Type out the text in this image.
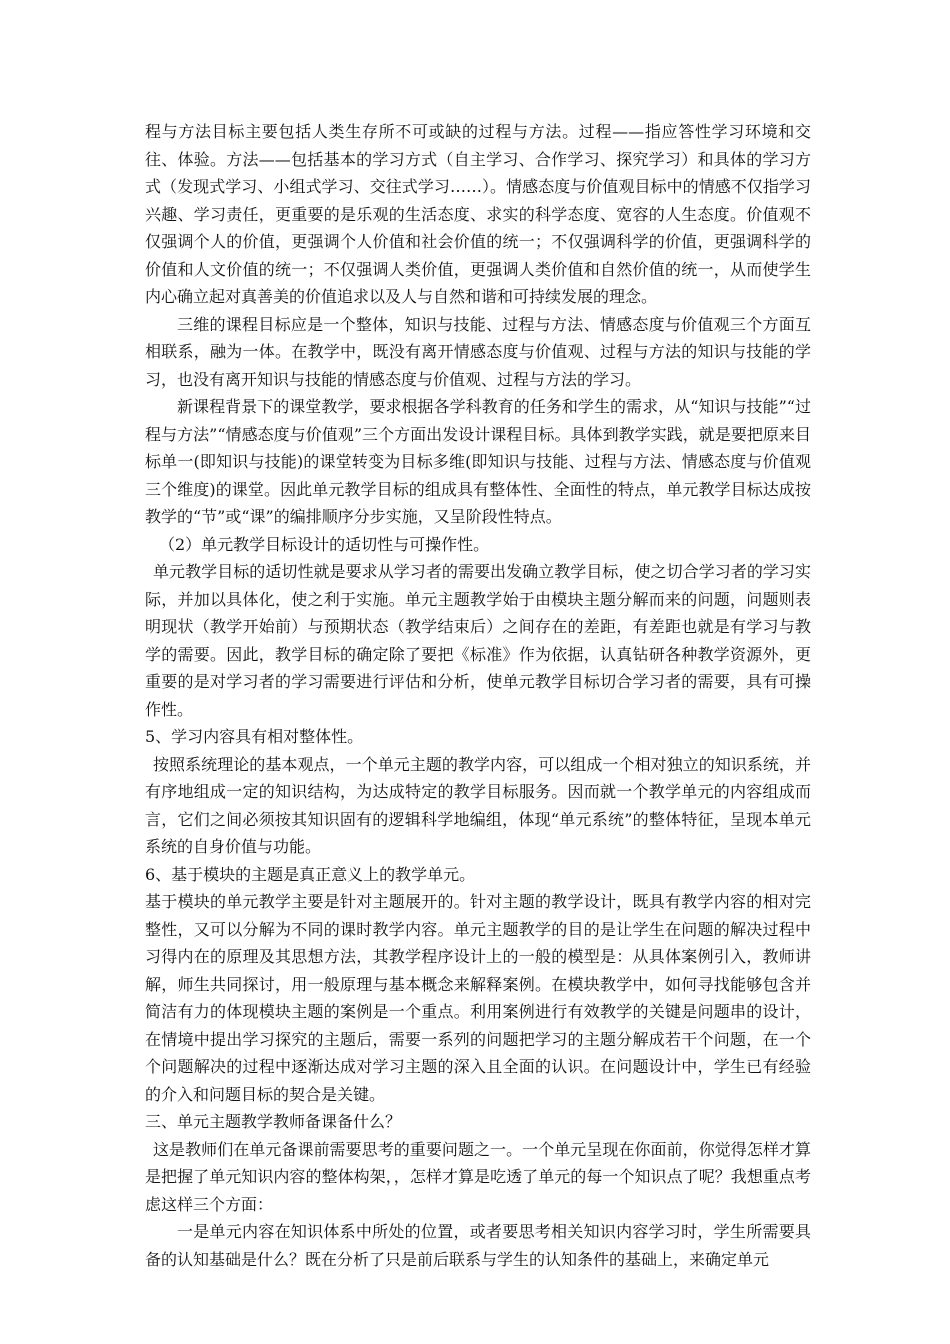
程与方法目标主要包括人类生存所不可或缺的过程与方法。过程——指应答性学习环境和交往、体验。方法——包括基本的学习方式（自主学习、合作学习、探究学习）和具体的学习方式（发现式学习、小组式学习、交往式学习……）。情感态度与价值观目标中的情感不仅指学习兴趣、学习责任，更重要的是乐观的生活态度、求实的科学态度、宽容的人生态度。价值观不仅强调个人的价值，更强调个人价值和社会价值的统一；不仅强调科学的价值，更强调科学的价值和人文价值的统一；不仅强调人类价值，更强调人类价值和自然价值的统一，从而使学生内心确立起对真善美的价值追求以及人与自然和谐和可持续发展的理念。

三维的课程目标应是一个整体，知识与技能、过程与方法、情感态度与价值观三个方面互相联系，融为一体。在教学中，既没有离开情感态度与价值观、过程与方法的知识与技能的学习，也没有离开知识与技能的情感态度与价值观、过程与方法的学习。

新课程背景下的课堂教学，要求根据各学科教育的任务和学生的需求，从“知识与技能”“过程与方法”“情感态度与价值观”三个方面出发设计课程目标。具体到教学实践，就是要把原来目标单一(即知识与技能)的课堂转变为目标多维(即知识与技能、过程与方法、情感态度与价值观三个维度)的课堂。因此单元教学目标的组成具有整体性、全面性的特点，单元教学目标达成按教学的“节”或“课”的编排顺序分步实施，又呈阶段性特点。

（2）单元教学目标设计的适切性与可操作性。

单元教学目标的适切性就是要求从学习者的需要出发确立教学目标，使之切合学习者的学习实际，并加以具体化，使之利于实施。单元主题教学始于由模块主题分解而来的问题，问题则表明现状（教学开始前）与预期状态（教学结束后）之间存在的差距，有差距也就是有学习与教学的需要。因此，教学目标的确定除了要把《标准》作为依据，认真钻研各种教学资源外，更重要的是对学习者的学习需要进行评估和分析，使单元教学目标切合学习者的需要，具有可操作性。

5、学习内容具有相对整体性。

按照系统理论的基本观点，一个单元主题的教学内容，可以组成一个相对独立的知识系统，并有序地组成一定的知识结构，为达成特定的教学目标服务。因而就一个教学单元的内容组成而言，它们之间必须按其知识固有的逻辑科学地编组，体现“单元系统”的整体特征，呈现本单元系统的自身价值与功能。

6、基于模块的主题是真正意义上的教学单元。

基于模块的单元教学主要是针对主题展开的。针对主题的教学设计，既具有教学内容的相对完整性，又可以分解为不同的课时教学内容。单元主题教学的目的是让学生在问题的解决过程中习得内在的原理及其思想方法，其教学程序设计上的一般的模型是：从具体案例引入，教师讲解，师生共同探讨，用一般原理与基本概念来解释案例。在模块教学中，如何寻找能够包含并简洁有力的体现模块主题的案例是一个重点。利用案例进行有效教学的关键是问题串的设计，在情境中提出学习探究的主题后，需要一系列的问题把学习的主题分解成若干个问题，在一个个问题解决的过程中逐渐达成对学习主题的深入且全面的认识。在问题设计中，学生已有经验的介入和问题目标的契合是关键。

三、单元主题教学教师备课备什么？

这是教师们在单元备课前需要思考的重要问题之一。一个单元呈现在你面前，你觉得怎样才算是把握了单元知识内容的整体构架，，怎样才算是吃透了单元的每一个知识点了呢？我想重点考虑这样三个方面：

一是单元内容在知识体系中所处的位置，或者要思考相关知识内容学习时，学生所需要具备的认知基础是什么？既在分析了只是前后联系与学生的认知条件的基础上，来确定单元
